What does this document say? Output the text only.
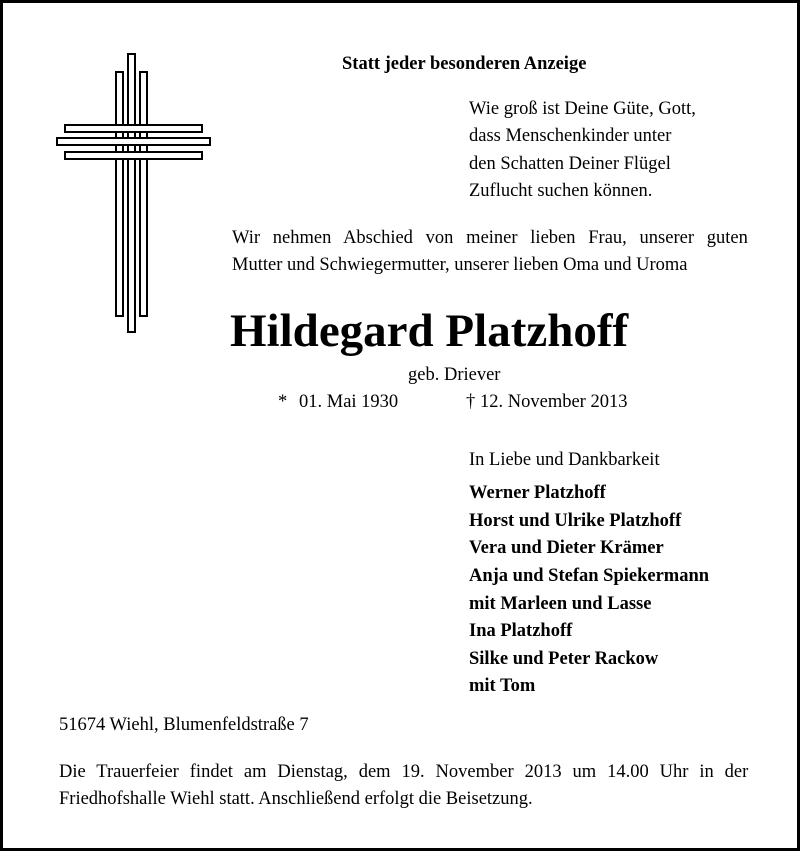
Statt jeder besonderen Anzeige
Wie groß ist Deine Güte, Gott,
dass Menschenkinder unter
den Schatten Deiner Flügel
Zuflucht suchen können.
Wir nehmen Abschied von meiner lieben Frau, unserer guten
Mutter und Schwiegermutter, unserer lieben Oma und Uroma
Hildegard Platzhoff
geb. Driever
* 01. Mai 1930	† 12. November 2013
In Liebe und Dankbarkeit
Werner Platzhoff
Horst und Ulrike Platzhoff
Vera und Dieter Krämer
Anja und Stefan Spiekermann
mit Marleen und Lasse
Ina Platzhoff
Silke und Peter Rackow
mit Tom
51674 Wiehl, Blumenfeldstraße 7
Die Trauerfeier findet am Dienstag, dem 19. November 2013 um 14.00 Uhr in der
Friedhofshalle Wiehl statt. Anschließend erfolgt die Beisetzung.
